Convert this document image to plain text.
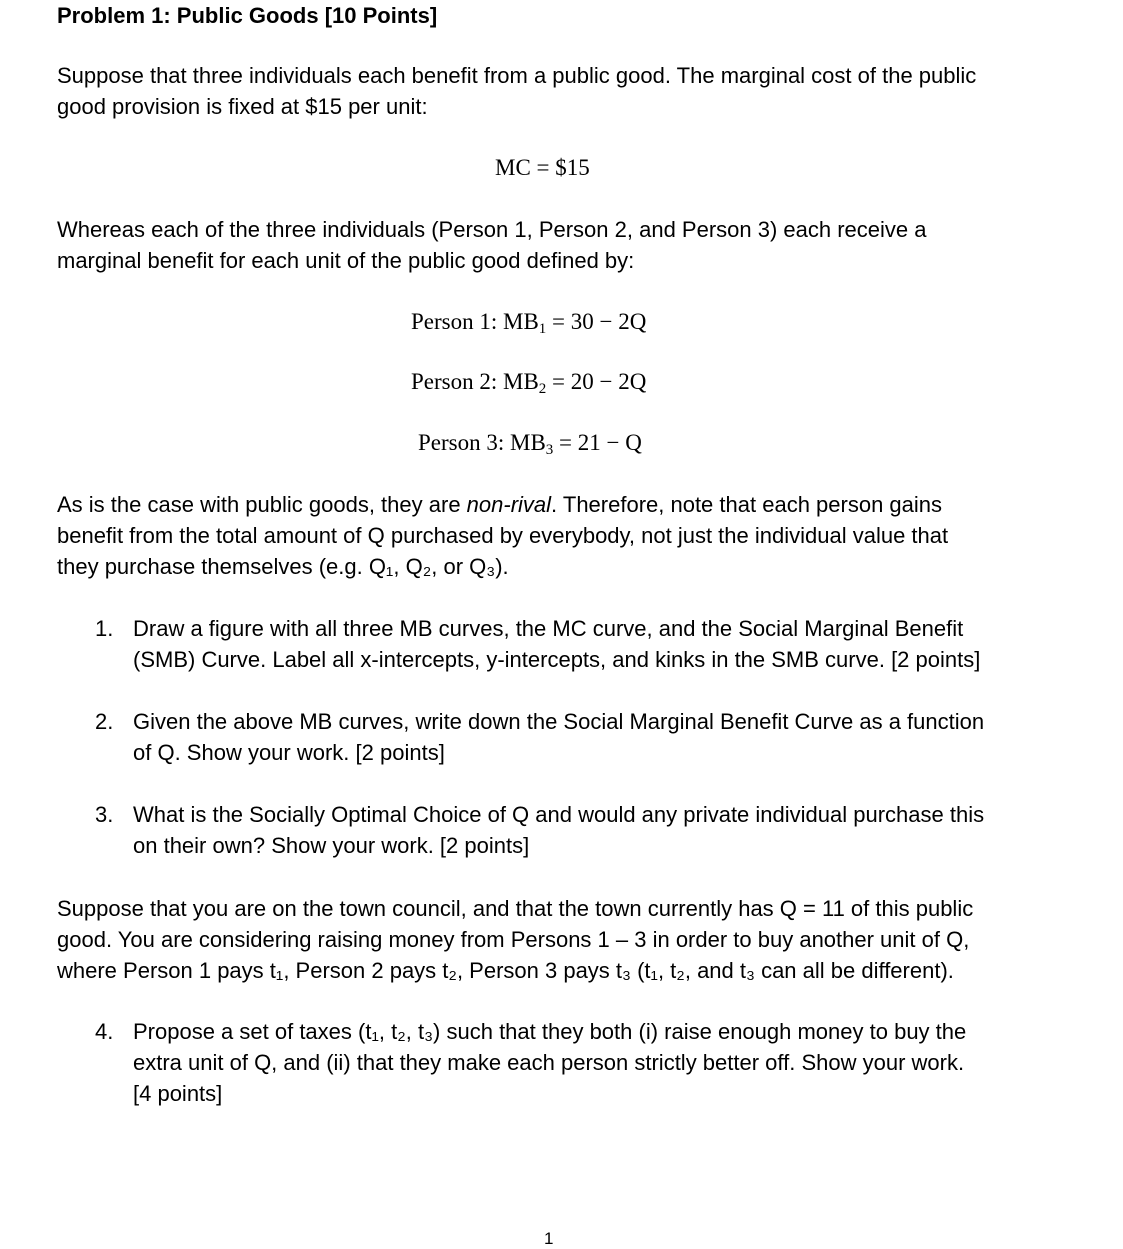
Problem 1: Public Goods [10 Points]
Suppose that three individuals each benefit from a public good. The marginal cost of the public
good provision is fixed at $15 per unit:
MC = $15
Whereas each of the three individuals (Person 1, Person 2, and Person 3) each receive a
marginal benefit for each unit of the public good defined by:
Person 1: $MB_1 = 30 - 2Q$
Person 2: $MB_2 = 20 - 2Q$
Person 3: $MB_3 = 21 - Q$
As is the case with public goods, they are non-rival. Therefore, note that each person gains
benefit from the total amount of Q purchased by everybody, not just the individual value that
they purchase themselves (e.g. Q₁, Q₂, or Q₃).
1. Draw a figure with all three MB curves, the MC curve, and the Social Marginal Benefit
(SMB) Curve. Label all x-intercepts, y-intercepts, and kinks in the SMB curve. [2 points]
2. Given the above MB curves, write down the Social Marginal Benefit Curve as a function
of Q. Show your work. [2 points]
3. What is the Socially Optimal Choice of Q and would any private individual purchase this
on their own? Show your work. [2 points]
Suppose that you are on the town council, and that the town currently has Q = 11 of this public
good. You are considering raising money from Persons 1 – 3 in order to buy another unit of Q,
where Person 1 pays t₁, Person 2 pays t₂, Person 3 pays t₃ (t₁, t₂, and t₃ can all be different).
4. Propose a set of taxes (t₁, t₂, t₃) such that they both (i) raise enough money to buy the
extra unit of Q, and (ii) that they make each person strictly better off. Show your work.
[4 points]
1
